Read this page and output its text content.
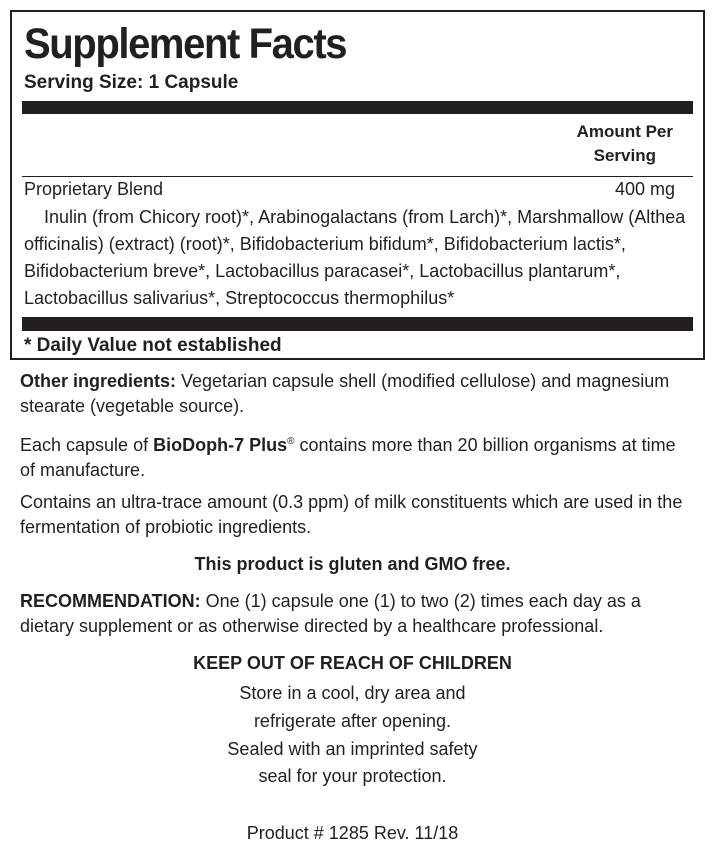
Supplement Facts
Serving Size: 1 Capsule
Amount Per
Serving
Proprietary Blend	400 mg
Inulin (from Chicory root)*, Arabinogalactans (from Larch)*, Marshmallow (Althea officinalis) (extract) (root)*, Bifidobacterium bifidum*, Bifidobacterium lactis*, Bifidobacterium breve*, Lactobacillus paracasei*, Lactobacillus plantarum*, Lactobacillus salivarius*, Streptococcus thermophilus*
* Daily Value not established

Other ingredients: Vegetarian capsule shell (modified cellulose) and magnesium stearate (vegetable source).

Each capsule of BioDoph-7 Plus® contains more than 20 billion organisms at time of manufacture.

Contains an ultra-trace amount (0.3 ppm) of milk constituents which are used in the fermentation of probiotic ingredients.

This product is gluten and GMO free.

RECOMMENDATION: One (1) capsule one (1) to two (2) times each day as a dietary supplement or as otherwise directed by a healthcare professional.

KEEP OUT OF REACH OF CHILDREN
Store in a cool, dry area and
refrigerate after opening.
Sealed with an imprinted safety
seal for your protection.
Product # 1285 Rev. 11/18
